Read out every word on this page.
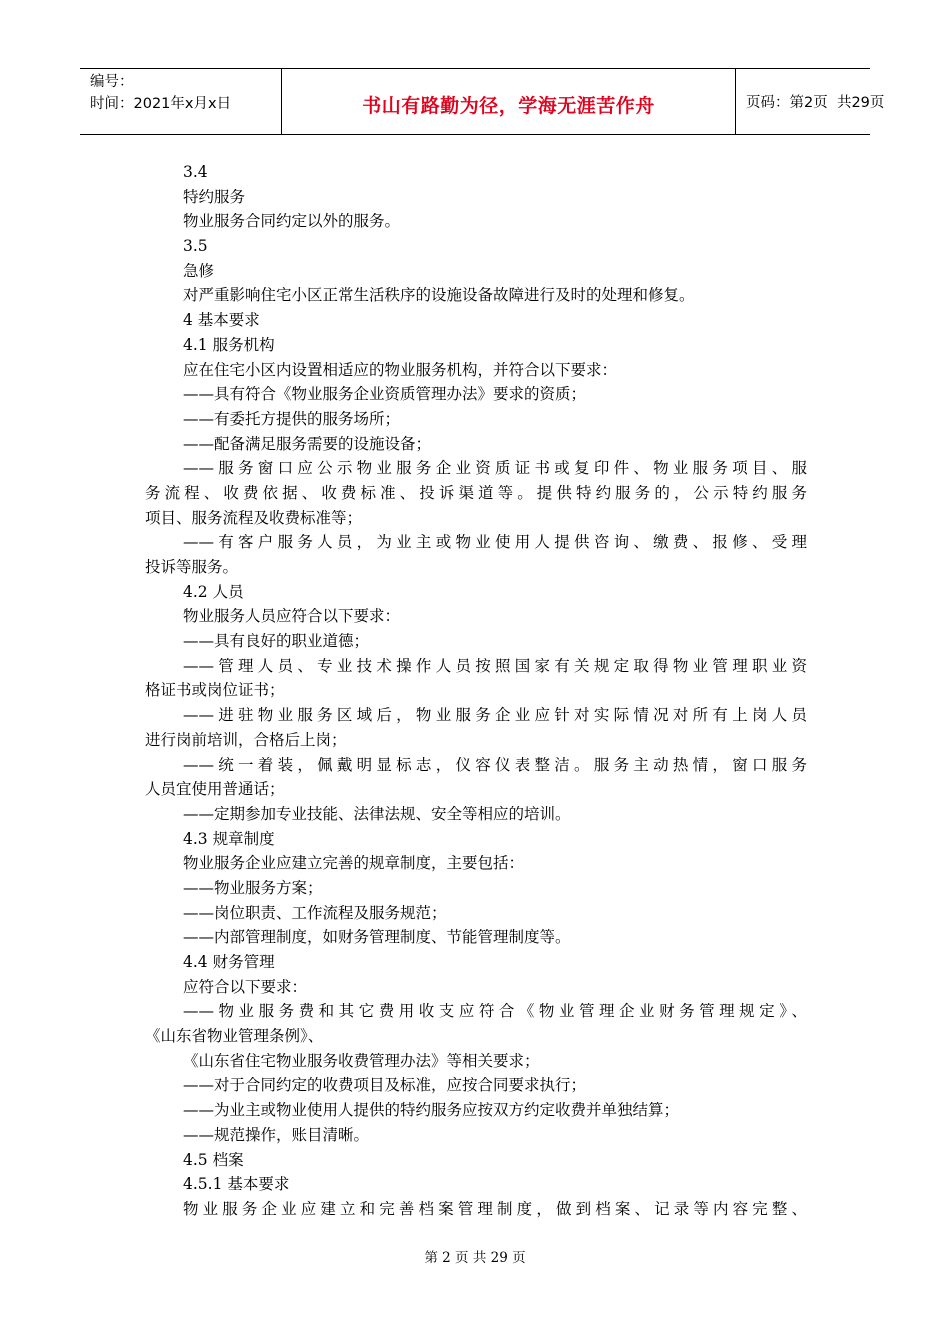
编号：
时间：2021年x月x日	书山有路勤为径，学海无涯苦作舟	页码：第2页  共29页
3.4
特约服务
物业服务合同约定以外的服务。
3.5
急修
对严重影响住宅小区正常生活秩序的设施设备故障进行及时的处理和修复。
4 基本要求
4.1 服务机构
应在住宅小区内设置相适应的物业服务机构，并符合以下要求：
——具有符合《物业服务企业资质管理办法》要求的资质；
——有委托方提供的服务场所；
——配备满足服务需要的设施设备；
——服务窗口应公示物业服务企业资质证书或复印件、物业服务项目、服
务流程、收费依据、收费标准、投诉渠道等。提供特约服务的，公示特约服务
项目、服务流程及收费标准等；
——有客户服务人员，为业主或物业使用人提供咨询、缴费、报修、受理
投诉等服务。
4.2 人员
物业服务人员应符合以下要求：
——具有良好的职业道德；
——管理人员、专业技术操作人员按照国家有关规定取得物业管理职业资
格证书或岗位证书；
——进驻物业服务区域后，物业服务企业应针对实际情况对所有上岗人员
进行岗前培训，合格后上岗；
——统一着装，佩戴明显标志，仪容仪表整洁。服务主动热情，窗口服务
人员宜使用普通话；
——定期参加专业技能、法律法规、安全等相应的培训。
4.3 规章制度
物业服务企业应建立完善的规章制度，主要包括：
——物业服务方案；
——岗位职责、工作流程及服务规范；
——内部管理制度，如财务管理制度、节能管理制度等。
4.4 财务管理
应符合以下要求：
——物业服务费和其它费用收支应符合《物业管理企业财务管理规定》、
《山东省物业管理条例》、
《山东省住宅物业服务收费管理办法》等相关要求；
——对于合同约定的收费项目及标准，应按合同要求执行；
——为业主或物业使用人提供的特约服务应按双方约定收费并单独结算；
——规范操作，账目清晰。
4.5 档案
4.5.1 基本要求
物业服务企业应建立和完善档案管理制度，做到档案、记录等内容完整、
第 2 页 共 29 页
